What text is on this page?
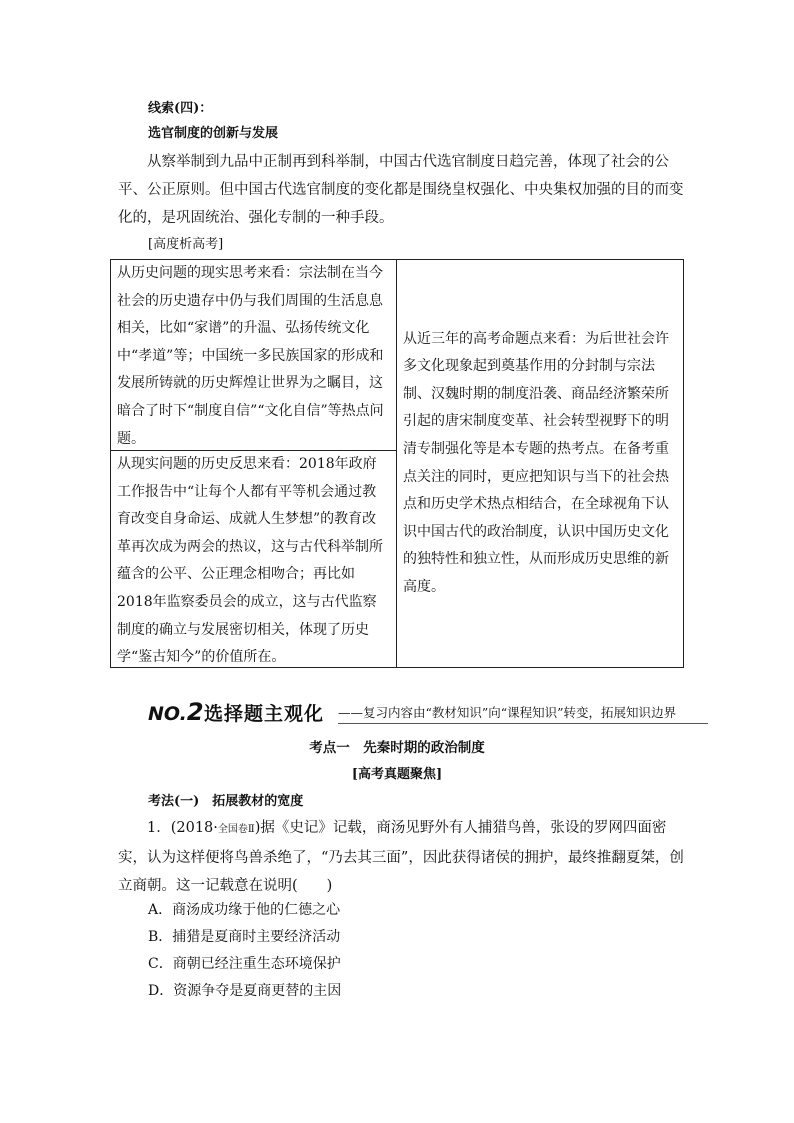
线索(四)：
选官制度的创新与发展
从察举制到九品中正制再到科举制，中国古代选官制度日趋完善，体现了社会的公平、公正原则。但中国古代选官制度的变化都是围绕皇权强化、中央集权加强的目的而变化的，是巩固统治、强化专制的一种手段。
[高度析高考]
从历史问题的现实思考来看：宗法制在当今社会的历史遗存中仍与我们周围的生活息息相关，比如“家谱”的升温、弘扬传统文化中“孝道”等；中国统一多民族国家的形成和发展所铸就的历史辉煌让世界为之瞩目，这暗合了时下“制度自信”“文化自信”等热点问题。
从现实问题的历史反思来看：2018年政府工作报告中“让每个人都有平等机会通过教育改变自身命运、成就人生梦想”的教育改革再次成为两会的热议，这与古代科举制所蕴含的公平、公正理念相吻合；再比如2018年监察委员会的成立，这与古代监察制度的确立与发展密切相关，体现了历史学“鉴古知今”的价值所在。
从近三年的高考命题点来看：为后世社会许多文化现象起到奠基作用的分封制与宗法制、汉魏时期的制度沿袭、商品经济繁荣所引起的唐宋制度变革、社会转型视野下的明清专制强化等是本专题的热考点。在备考重点关注的同时，更应把知识与当下的社会热点和历史学术热点相结合，在全球视角下认识中国古代的政治制度，认识中国历史文化的独特性和独立性，从而形成历史思维的新高度。
NO.2 选择题主观化 ——复习内容由“教材知识”向“课程知识”转变，拓展知识边界
考点一　先秦时期的政治制度
[高考真题聚焦]
考法(一)　拓展教材的宽度
1．(2018·全国卷Ⅱ)据《史记》记载，商汤见野外有人捕猎鸟兽，张设的罗网四面密实，认为这样便将鸟兽杀绝了，“乃去其三面”，因此获得诸侯的拥护，最终推翻夏桀，创立商朝。这一记载意在说明(　　)
A．商汤成功缘于他的仁德之心
B．捕猎是夏商时主要经济活动
C．商朝已经注重生态环境保护
D．资源争夺是夏商更替的主因
